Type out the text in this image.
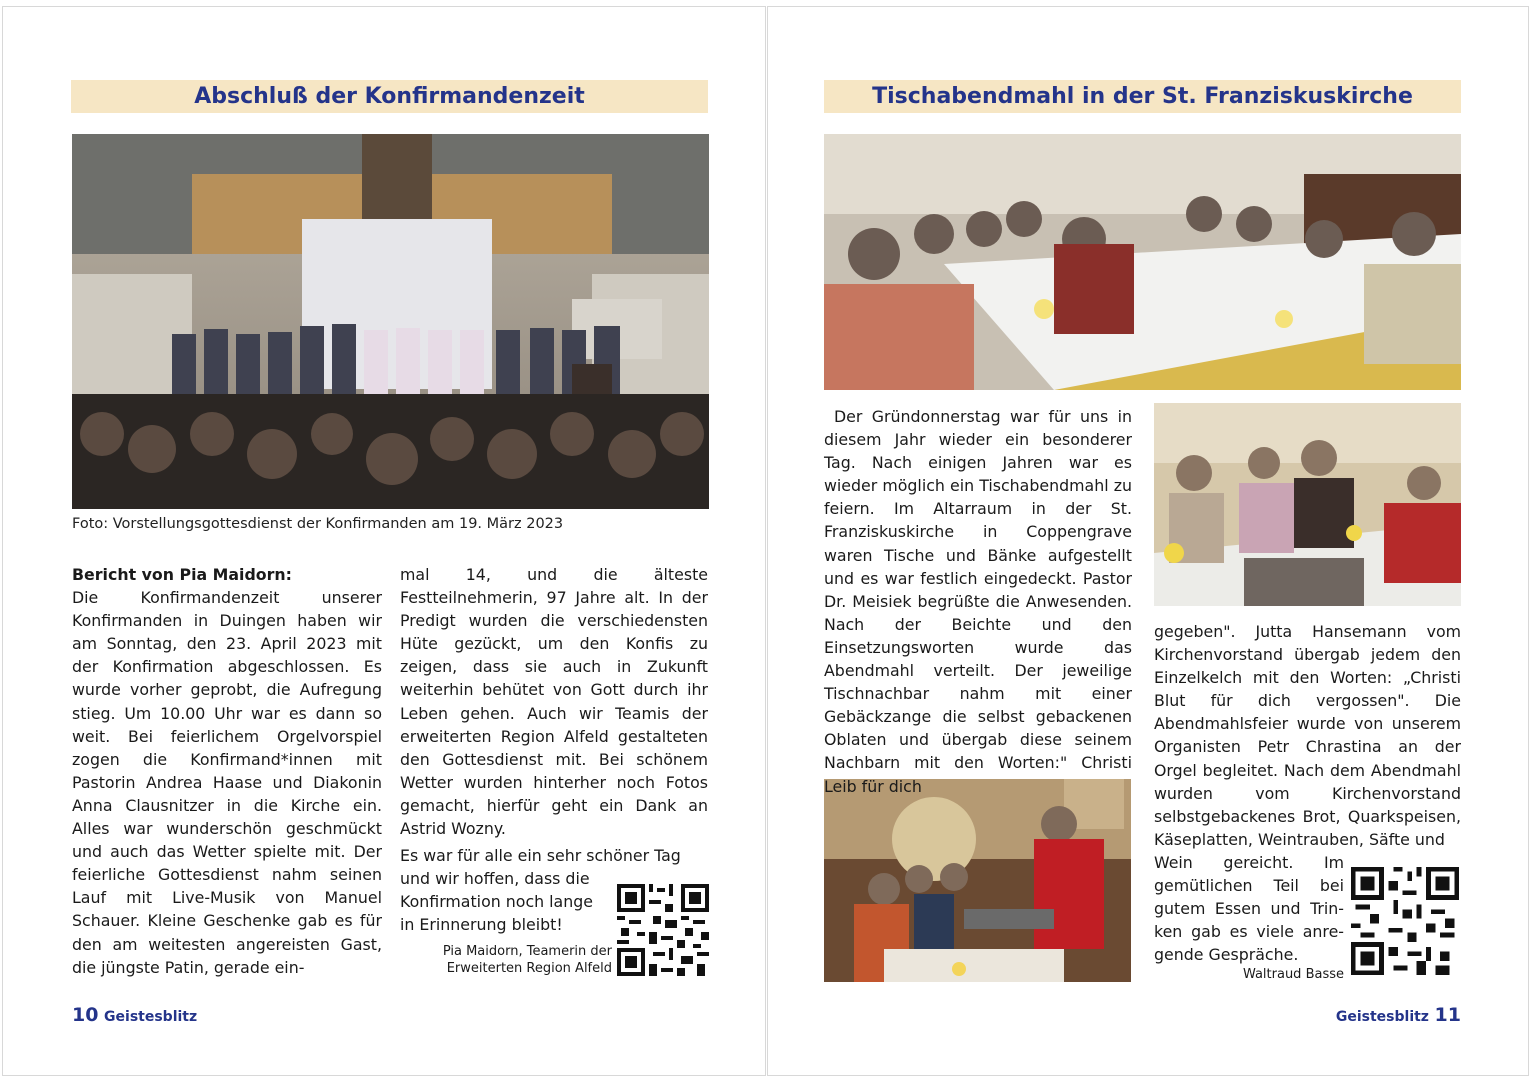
Abschluß der Konfirmandenzeit
Foto: Vorstellungsgottesdienst der Konfirmanden am 19. März 2023

Bericht von Pia Maidorn:

Die Konfirmandenzeit unserer Konfirmanden in Duingen haben wir am Sonntag, den 23. April 2023 mit der Konfirmation abgeschlossen. Es wurde vorher geprobt, die Aufregung stieg. Um 10.00 Uhr war es dann so weit. Bei feierlichem Orgelvorspiel zogen die Konfirmand*innen mit Pastorin Andrea Haase und Diakonin Anna Clausnitzer in die Kirche ein. Alles war wunderschön geschmückt und auch das Wetter spielte mit. Der feierliche Gottesdienst nahm seinen Lauf mit Live-Musik von Manuel Schauer. Kleine Geschenke gab es für den am weitesten angereisten Gast, die jüngste Patin, gerade ein-

mal 14, und die älteste Festteilnehmerin, 97 Jahre alt. In der Predigt wurden die verschiedensten Hüte gezückt, um den Konfis zu zeigen, dass sie auch in Zukunft weiterhin behütet von Gott durch ihr Leben gehen. Auch wir Teamis der erweiterten Region Alfeld gestalteten den Gottesdienst mit. Bei schönem Wetter wurden hinterher noch Fotos gemacht, hierfür geht ein Dank an Astrid Wozny.

Es war für alle ein sehr schöner Tag und wir hoffen, dass die

Konfirmation noch lange

in Erinnerung bleibt!

Pia Maidorn, Teamerin der

Erweiterten Region Alfeld

10 Geistesblitz
Tischabendmahl in der St. Franziskuskirche

Der Gründonnerstag war für uns in diesem Jahr wieder ein besonderer Tag. Nach einigen Jahren war es wieder möglich ein Tischabendmahl zu feiern. Im Altarraum in der St. Franziskuskirche in Coppengrave waren Tische und Bänke aufgestellt und es war festlich eingedeckt. Pastor Dr. Meisiek begrüßte die Anwesenden. Nach der Beichte und den Einsetzungsworten wurde das Abendmahl verteilt. Der jeweilige Tischnachbar nahm mit einer Gebäckzange die selbst gebackenen Oblaten und übergab diese seinem Nachbarn mit den Worten:" Christi Leib für dich

gegeben". Jutta Hansemann vom Kirchenvorstand übergab jedem den Einzelkelch mit den Worten: „Christi Blut für dich vergossen". Die Abendmahlsfeier wurde von unserem Organisten Petr Chrastina an der Orgel begleitet. Nach dem Abendmahl wurden vom Kirchenvorstand selbstgebackenes Brot, Quarkspeisen, Käseplatten, Weintrauben, Säfte und

Wein gereicht. Im

gemütlichen Teil bei

gutem Essen und Trin-

ken gab es viele anre-

gende Gespräche.

Waltraud Basse

Geistesblitz 11
